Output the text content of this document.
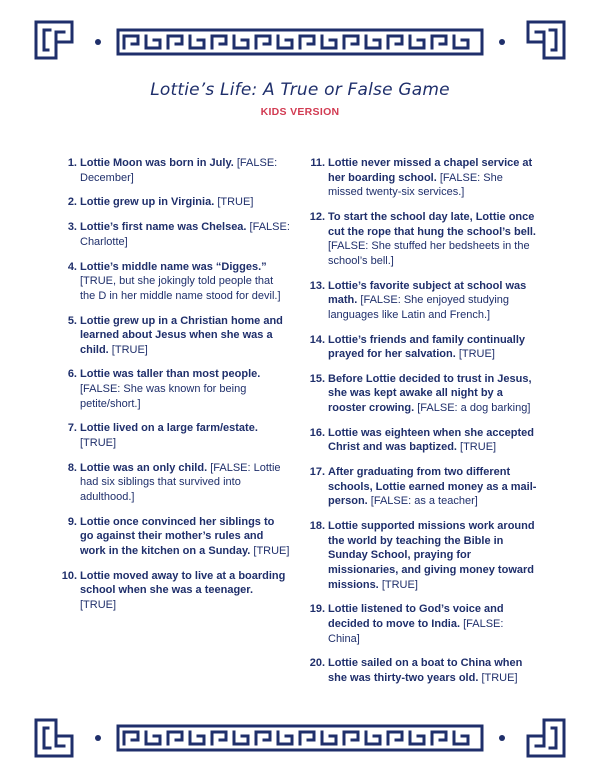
Lottie’s Life: A True or False Game
KIDS VERSION
1. Lottie Moon was born in July. [FALSE: December]
2. Lottie grew up in Virginia. [TRUE]
3. Lottie’s first name was Chelsea. [FALSE: Charlotte]
4. Lottie’s middle name was “Digges.” [TRUE, but she jokingly told people that the D in her middle name stood for devil.]
5. Lottie grew up in a Christian home and learned about Jesus when she was a child. [TRUE]
6. Lottie was taller than most people. [FALSE: She was known for being petite/short.]
7. Lottie lived on a large farm/estate. [TRUE]
8. Lottie was an only child. [FALSE: Lottie had six siblings that survived into adulthood.]
9. Lottie once convinced her siblings to go against their mother’s rules and work in the kitchen on a Sunday. [TRUE]
10. Lottie moved away to live at a boarding school when she was a teenager. [TRUE]
11. Lottie never missed a chapel service at her boarding school. [FALSE: She missed twenty-six services.]
12. To start the school day late, Lottie once cut the rope that hung the school’s bell. [FALSE: She stuffed her bedsheets in the school’s bell.]
13. Lottie’s favorite subject at school was math. [FALSE: She enjoyed studying languages like Latin and French.]
14. Lottie’s friends and family continually prayed for her salvation. [TRUE]
15. Before Lottie decided to trust in Jesus, she was kept awake all night by a rooster crowing. [FALSE: a dog barking]
16. Lottie was eighteen when she accepted Christ and was baptized. [TRUE]
17. After graduating from two different schools, Lottie earned money as a mail-person. [FALSE: as a teacher]
18. Lottie supported missions work around the world by teaching the Bible in Sunday School, praying for missionaries, and giving money toward missions. [TRUE]
19. Lottie listened to God’s voice and decided to move to India. [FALSE: China]
20. Lottie sailed on a boat to China when she was thirty-two years old. [TRUE]
